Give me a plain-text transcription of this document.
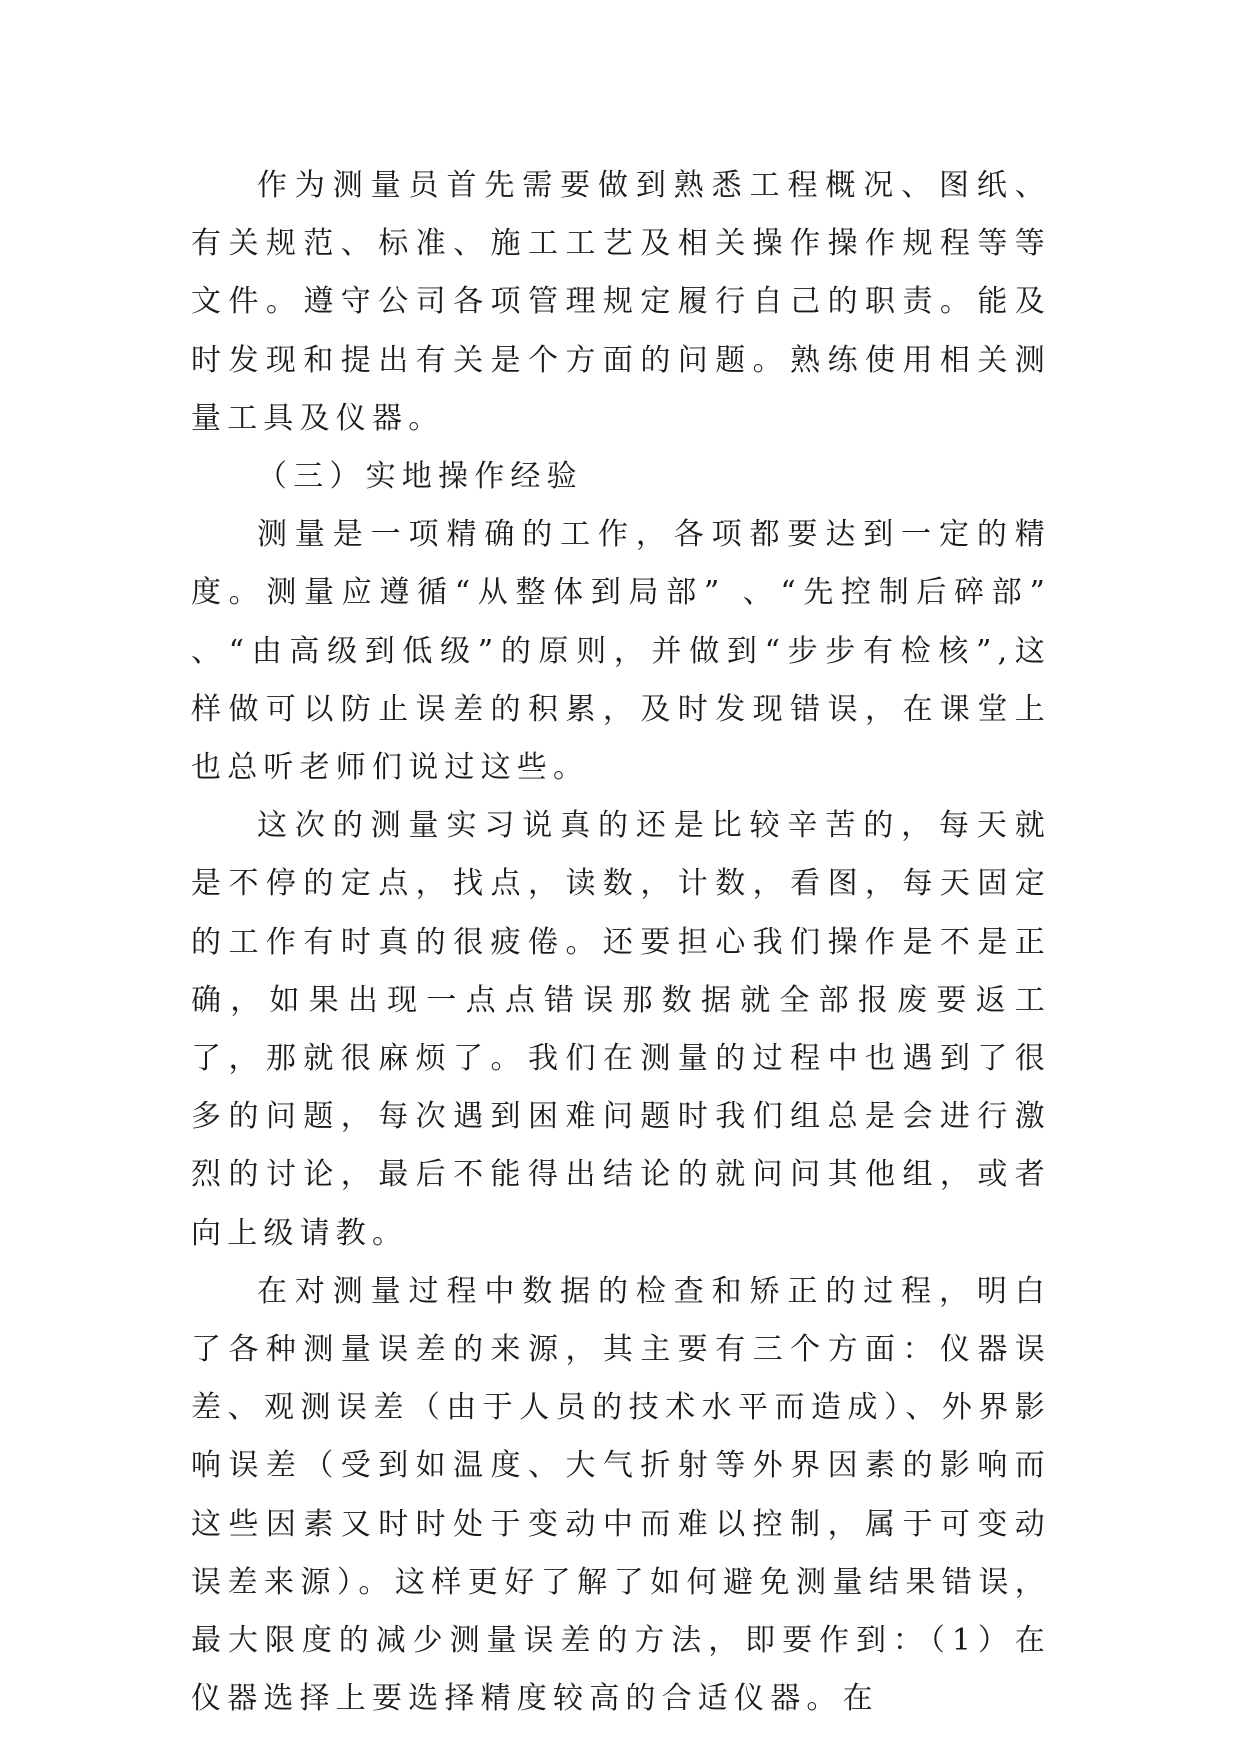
作为测量员首先需要做到熟悉工程概况、图纸、有关规范、标准、施工工艺及相关操作操作规程等等文件。遵守公司各项管理规定履行自己的职责。能及时发现和提出有关是个方面的问题。熟练使用相关测量工具及仪器。

（三）实地操作经验

测量是一项精确的工作，各项都要达到一定的精度。测量应遵循“从整体到局部” 、“先控制后碎部” 、“由高级到低级”的原则，并做到“步步有检核”,这样做可以防止误差的积累，及时发现错误，在课堂上也总听老师们说过这些。

这次的测量实习说真的还是比较辛苦的，每天就是不停的定点，找点，读数，计数，看图，每天固定的工作有时真的很疲倦。还要担心我们操作是不是正确，如果出现一点点错误那数据就全部报废要返工了，那就很麻烦了。我们在测量的过程中也遇到了很多的问题，每次遇到困难问题时我们组总是会进行激烈的讨论，最后不能得出结论的就问问其他组，或者向上级请教。

在对测量过程中数据的检查和矫正的过程，明白了各种测量误差的来源，其主要有三个方面：仪器误差、观测误差（由于人员的技术水平而造成）、外界影响误差（受到如温度、大气折射等外界因素的影响而这些因素又时时处于变动中而难以控制，属于可变动误差来源）。这样更好了解了如何避免测量结果错误，最大限度的减少测量误差的方法，即要作到：（1）在仪器选择上要选择精度较高的合适仪器。在
